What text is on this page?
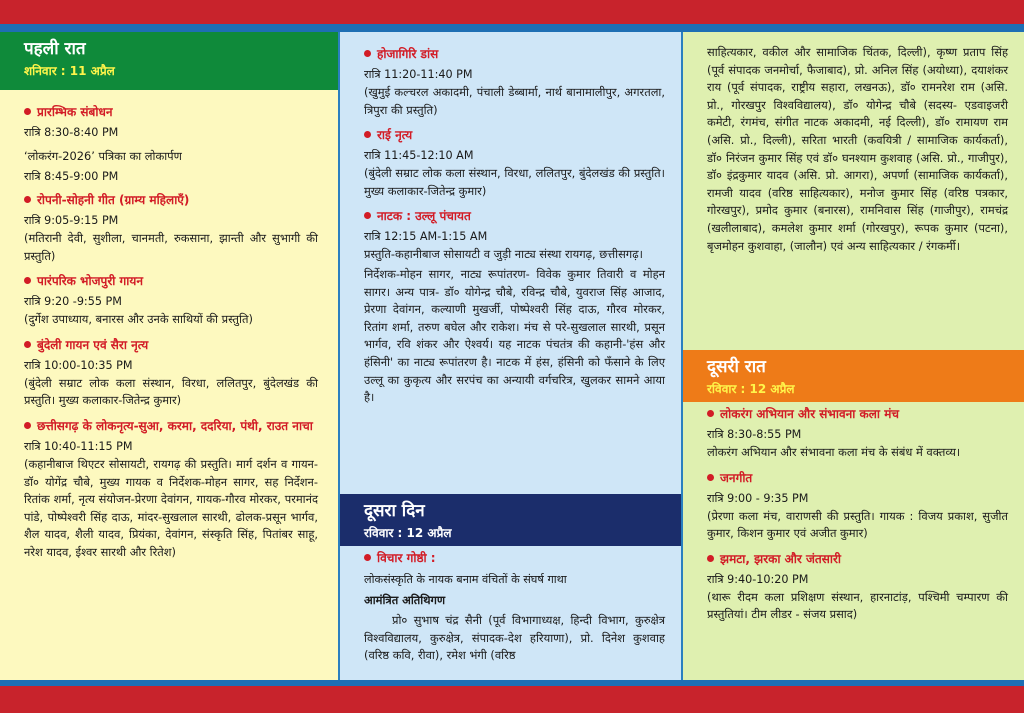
पहली रात
शनिवार : 11 अप्रैल
प्रारम्भिक संबोधन
रात्रि 8:30-8:40 PM
‘लोकरंग-2026’ पत्रिका का लोकार्पण
रात्रि 8:45-9:00 PM
रोपनी-सोहनी गीत (ग्राम्य महिलाएँ)
रात्रि 9:05-9:15 PM
(मतिरानी देवी, सुशीला, चानमती, रुकसाना, झान्ती और सुभागी की प्रस्तुति)
पारंपरिक भोजपुरी गायन
रात्रि 9:20 -9:55 PM
(दुर्गेश उपाध्याय, बनारस और उनके साथियों की प्रस्तुति)
बुंदेली गायन एवं सैरा नृत्य
रात्रि 10:00-10:35 PM
(बुंदेली सम्राट लोक कला संस्थान, विरधा, ललितपुर, बुंदेलखंड की प्रस्तुति। मुख्य कलाकार-जितेन्द्र कुमार)
छत्तीसगढ़ के लोकनृत्य-सुआ, करमा, ददरिया, पंथी, राउत नाचा
रात्रि 10:40-11:15 PM
(कहानीबाज थिएटर सोसायटी, रायगढ़ की प्रस्तुति। मार्ग दर्शन व गायन-डॉ० योगेंद्र चौबे, मुख्य गायक व निर्देशक-मोहन सागर, सह निर्देशन-रितांक शर्मा, नृत्य संयोजन-प्रेरणा देवांगन, गायक-गौरव मोरकर, परमानंद पांडे, पोष्पेश्वरी सिंह दाऊ, मांदर-सुखलाल सारथी, ढोलक-प्रसून भार्गव, शैल यादव, शैली यादव, प्रियंका, देवांगन, संस्कृति सिंह, पितांबर साहू, नरेश यादव, ईश्वर सारथी और रितेश)
होजागिरि डांस
रात्रि 11:20-11:40 PM
(खुमुई कल्चरल अकादमी, पंचाली डेब्बार्मा, नार्थ बानामालीपुर, अगरतला, त्रिपुरा की प्रस्तुति)
राई नृत्य
रात्रि 11:45-12:10 AM
(बुंदेली सम्राट लोक कला संस्थान, विरधा, ललितपुर, बुंदेलखंड की प्रस्तुति। मुख्य कलाकार-जितेन्द्र कुमार)
नाटक : उल्लू पंचायत
रात्रि 12:15 AM-1:15 AM
प्रस्तुति-कहानीबाज सोसायटी व जुड़ी नाट्य संस्था रायगढ़, छत्तीसगढ़।
निर्देशक-मोहन सागर, नाट्य रूपांतरण- विवेक कुमार तिवारी व मोहन सागर। अन्य पात्र- डॉ० योगेन्द्र चौबे, रविन्द्र चौबे, युवराज सिंह आजाद, प्रेरणा देवांगन, कल्याणी मुखर्जी, पोष्पेश्वरी सिंह दाऊ, गौरव मोरकर, रितांग शर्मा, तरुण बघेल और राकेश। मंच से परे-सुखलाल सारथी, प्रसून भार्गव, रवि शंकर और ऐश्वर्य। यह नाटक पंचतंत्र की कहानी-'हंस और हंसिनी' का नाट्य रूपांतरण है। नाटक में हंस, हंसिनी को फँसाने के लिए उल्लू का कुकृत्य और सरपंच का अन्यायी वर्गचरित्र, खुलकर सामने आया है।
दूसरा दिन
रविवार : 12 अप्रैल
विचार गोष्ठी :
लोकसंस्कृति के नायक बनाम वंचितों के संघर्ष गाथा
आमंत्रित अतिथिगण
प्रो० सुभाष चंद्र सैनी (पूर्व विभागाध्यक्ष, हिन्दी विभाग, कुरुक्षेत्र विश्वविद्यालय, कुरुक्षेत्र, संपादक-देश हरियाणा), प्रो. दिनेश कुशवाह (वरिष्ठ कवि, रीवा), रमेश भंगी (वरिष्ठ
साहित्यकार, वकील और सामाजिक चिंतक, दिल्ली), कृष्ण प्रताप सिंह (पूर्व संपादक जनमोर्चा, फैजाबाद), प्रो. अनिल सिंह (अयोध्या), दयाशंकर राय (पूर्व संपादक, राष्ट्रीय सहारा, लखनऊ), डॉ० रामनरेश राम (असि. प्रो., गोरखपुर विश्वविद्यालय), डॉ० योगेन्द्र चौबे (सदस्य- एडवाइजरी कमेटी, रंगमंच, संगीत नाटक अकादमी, नई दिल्ली), डॉ० रामायण राम (असि. प्रो., दिल्ली), सरिता भारती (कवयित्री / सामाजिक कार्यकर्ता), डॉ० निरंजन कुमार सिंह एवं डॉ० घनश्याम कुशवाह (असि. प्रो., गाजीपुर), डॉ० इंद्रकुमार यादव (असि. प्रो. आगरा), अपर्णा (सामाजिक कार्यकर्ता), रामजी यादव (वरिष्ठ साहित्यकार), मनोज कुमार सिंह (वरिष्ठ पत्रकार, गोरखपुर), प्रमोद कुमार (बनारस), रामनिवास सिंह (गाजीपुर), रामचंद्र (खलीलाबाद), कमलेश कुमार शर्मा (गोरखपुर), रूपक कुमार (पटना), बृजमोहन कुशवाहा, (जालौन) एवं अन्य साहित्यकार / रंगकर्मी।
दूसरी रात
रविवार : 12 अप्रैल
लोकरंग अभियान और संभावना कला मंच
रात्रि 8:30-8:55 PM
लोकरंग अभियान और संभावना कला मंच के संबंध में वक्तव्य।
जनगीत
रात्रि 9:00 - 9:35 PM
(प्रेरणा कला मंच, वाराणसी की प्रस्तुति। गायक : विजय प्रकाश, सुजीत कुमार, किशन कुमार एवं अजीत कुमार)
झमटा, झरका और जंतसारी
रात्रि 9:40-10:20 PM
(थारू रीदम कला प्रशिक्षण संस्थान, हारनाटांड़, पश्चिमी चम्पारण की प्रस्तुतियां। टीम लीडर - संजय प्रसाद)
